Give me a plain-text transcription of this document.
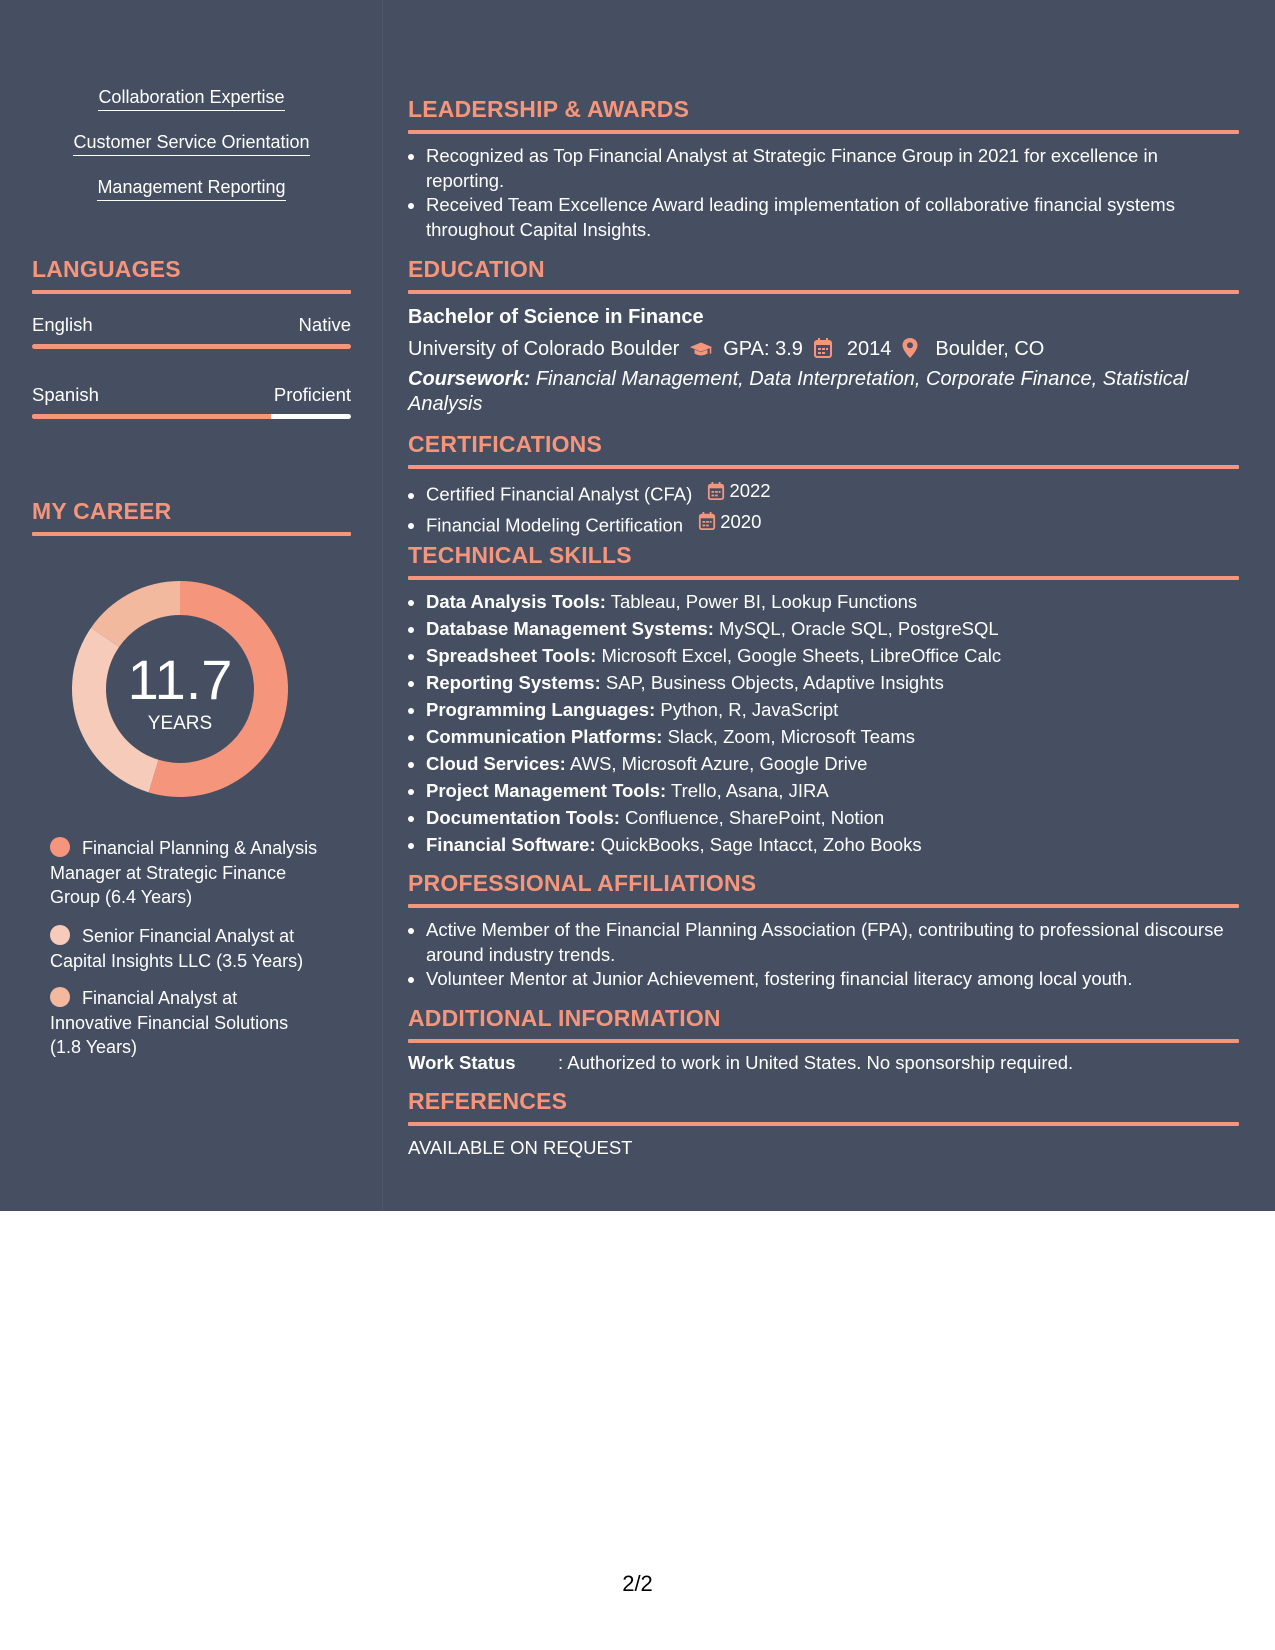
Collaboration Expertise
Customer Service Orientation
Management Reporting
LANGUAGES
English	Native
Spanish	Proficient
MY CAREER
11.7
YEARS
Financial Planning & Analysis Manager at Strategic Finance Group (6.4 Years)
Senior Financial Analyst at Capital Insights LLC (3.5 Years)
Financial Analyst at Innovative Financial Solutions (1.8 Years)
LEADERSHIP & AWARDS
• Recognized as Top Financial Analyst at Strategic Finance Group in 2021 for excellence in reporting.
• Received Team Excellence Award leading implementation of collaborative financial systems throughout Capital Insights.
EDUCATION
Bachelor of Science in Finance
University of Colorado Boulder GPA: 3.9 2014 Boulder, CO
Coursework: Financial Management, Data Interpretation, Corporate Finance, Statistical Analysis
CERTIFICATIONS
• Certified Financial Analyst (CFA) 2022
• Financial Modeling Certification 2020
TECHNICAL SKILLS
• Data Analysis Tools: Tableau, Power BI, Lookup Functions
• Database Management Systems: MySQL, Oracle SQL, PostgreSQL
• Spreadsheet Tools: Microsoft Excel, Google Sheets, LibreOffice Calc
• Reporting Systems: SAP, Business Objects, Adaptive Insights
• Programming Languages: Python, R, JavaScript
• Communication Platforms: Slack, Zoom, Microsoft Teams
• Cloud Services: AWS, Microsoft Azure, Google Drive
• Project Management Tools: Trello, Asana, JIRA
• Documentation Tools: Confluence, SharePoint, Notion
• Financial Software: QuickBooks, Sage Intacct, Zoho Books
PROFESSIONAL AFFILIATIONS
• Active Member of the Financial Planning Association (FPA), contributing to professional discourse around industry trends.
• Volunteer Mentor at Junior Achievement, fostering financial literacy among local youth.
ADDITIONAL INFORMATION
Work Status	: Authorized to work in United States. No sponsorship required.
REFERENCES
AVAILABLE ON REQUEST
2/2
